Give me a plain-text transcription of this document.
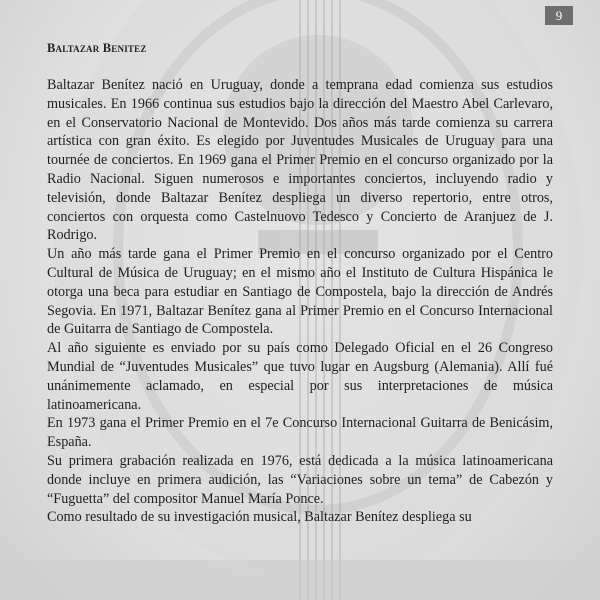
9
Baltazar Benitez

Baltazar Benítez nació en Uruguay, donde a temprana edad comienza sus estudios musicales. En 1966 continua sus estudios bajo la dirección del Maestro Abel Carlevaro, en el Conservatorio Nacional de Montevido. Dos años más tarde comienza su carrera artística con gran éxito. Es elegido por Juventudes Musicales de Uruguay para una tournée de conciertos. En 1969 gana el Primer Premio en el concurso organizado por la Radio Nacional. Siguen numerosos e importantes conciertos, incluyendo radio y televisión, donde Baltazar Benítez despliega un diverso repertorio, entre otros, conciertos con orquesta como Castelnuovo Tedesco y Concierto de Aranjuez de J. Rodrigo.

Un año más tarde gana el Primer Premio en el concurso organizado por el Centro Cultural de Música de Uruguay; en el mismo año el Instituto de Cultura Hispánica le otorga una beca para estudiar en Santiago de Compostela, bajo la dirección de Andrés Segovia. En 1971, Baltazar Benítez gana al Primer Premio en el Concurso Internacional de Guitarra de Santiago de Compostela.

Al año siguiente es enviado por su país como Delegado Oficial en el 26 Congreso Mundial de “Juventudes Musicales” que tuvo lugar en Augsburg (Alemania). Allí fué unánimemente aclamado, en especial por sus interpretaciones de música latinoamericana.

En 1973 gana el Primer Premio en el 7e Concurso Internacional Guitarra de Benicásim, España.

Su primera grabación realizada en 1976, está dedicada a la música latinoamericana donde incluye en primera audición, las “Variaciones sobre un tema” de Cabezón y “Fuguetta” del compositor Manuel María Ponce.

Como resultado de su investigación musical, Baltazar Benítez despliega su
